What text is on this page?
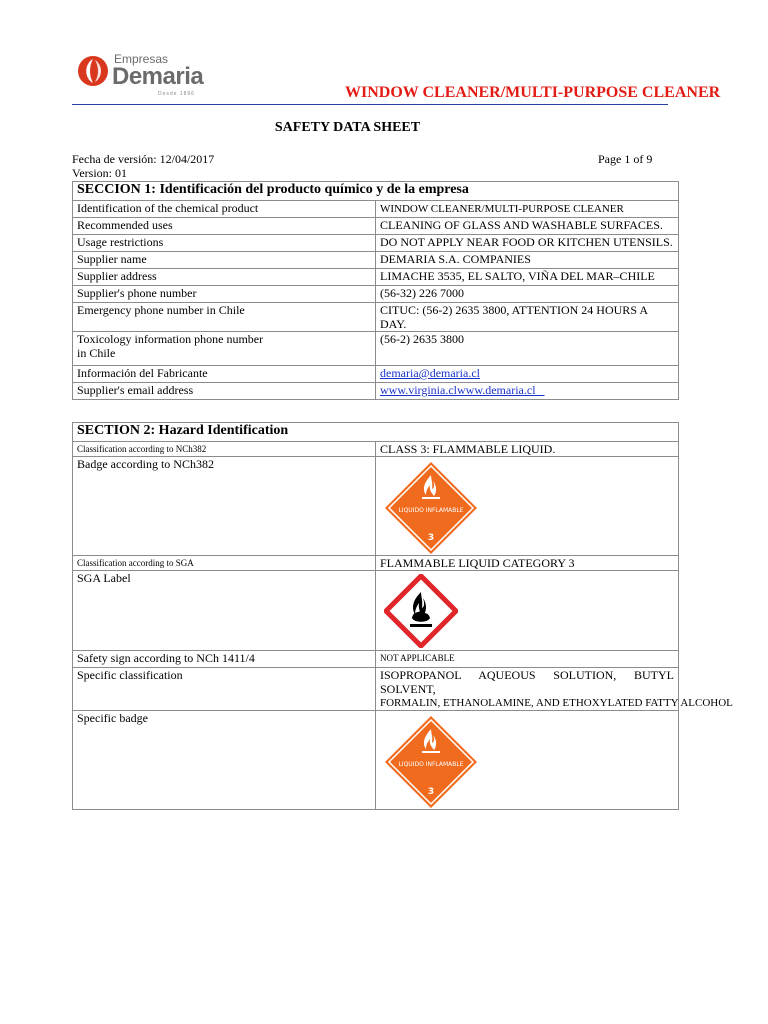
Empresas
Demaria
Desde 1896	WINDOW CLEANER/MULTI-PURPOSE CLEANER
SAFETY DATA SHEET
Fecha de versión: 12/04/2017
Version: 01
Page 1 of 9
SECCION 1: Identificación del producto químico y de la empresa	
Identification of the chemical product	WINDOW CLEANER/MULTI-PURPOSE CLEANER
Recommended uses	CLEANING OF GLASS AND WASHABLE SURFACES.
Usage restrictions	DO NOT APPLY NEAR FOOD OR KITCHEN UTENSILS.
Supplier name	DEMARIA S.A. COMPANIES
Supplier address	LIMACHE 3535, EL SALTO, VIÑA DEL MAR–CHILE
Supplier's phone number	(56-32) 226 7000
Emergency phone number in Chile	CITUC: (56-2) 2635 3800, ATTENTION 24 HOURS A DAY.

Toxicology information phone number
in Chile	(56-2) 2635 3800
Información del Fabricante	demaria@demaria.cl
Supplier's email address	www.virginia.clwww.demaria.cl
SECTION 2: Hazard Identification	
Classification according to NCh382	CLASS 3: FLAMMABLE LIQUID.
Badge according to NCh382	LIQUIDO INFLAMABLE
3

Classification according to SGA	FLAMMABLE LIQUID CATEGORY 3
SGA Label	

Safety sign according to NCh 1411/4	NOT APPLICABLE
Specific classification	ISOPROPANOL AQUEOUS SOLUTION, BUTYL SOLVENT,
FORMALIN, ETHANOLAMINE, AND ETHOXYLATED FATTY ALCOHOL

Specific badge	LIQUIDO INFLAMABLE
3
